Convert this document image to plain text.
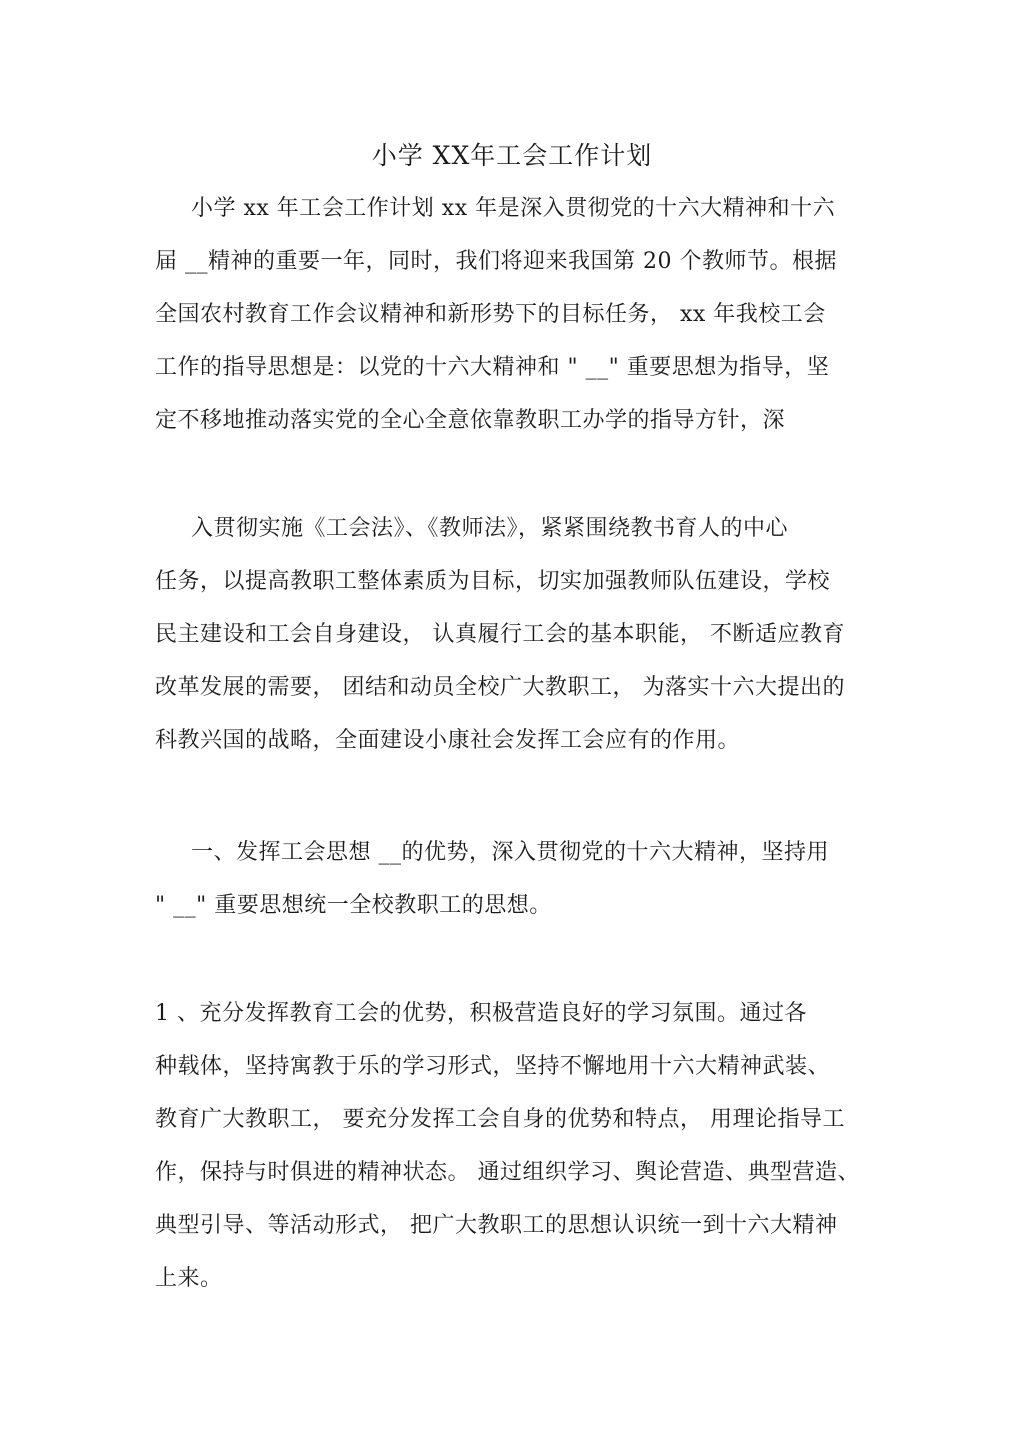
小学 XX年工会工作计划
小学 xx 年工会工作计划 xx 年是深入贯彻党的十六大精神和十六
届 __精神的重要一年，同时，我们将迎来我国第 20 个教师节。根据
全国农村教育工作会议精神和新形势下的目标任务， xx 年我校工会
工作的指导思想是：以党的十六大精神和 " __" 重要思想为指导，坚
定不移地推动落实党的全心全意依靠教职工办学的指导方针，深
入贯彻实施《工会法》、《教师法》，紧紧围绕教书育人的中心
任务，以提高教职工整体素质为目标，切实加强教师队伍建设，学校
民主建设和工会自身建设， 认真履行工会的基本职能， 不断适应教育
改革发展的需要， 团结和动员全校广大教职工， 为落实十六大提出的
科教兴国的战略，全面建设小康社会发挥工会应有的作用。
一、发挥工会思想 __的优势，深入贯彻党的十六大精神，坚持用
" __" 重要思想统一全校教职工的思想。
1 、充分发挥教育工会的优势，积极营造良好的学习氛围。通过各
种载体，坚持寓教于乐的学习形式，坚持不懈地用十六大精神武装、
教育广大教职工， 要充分发挥工会自身的优势和特点， 用理论指导工
作，保持与时俱进的精神状态。 通过组织学习、舆论营造、典型营造、
典型引导、等活动形式， 把广大教职工的思想认识统一到十六大精神
上来。
